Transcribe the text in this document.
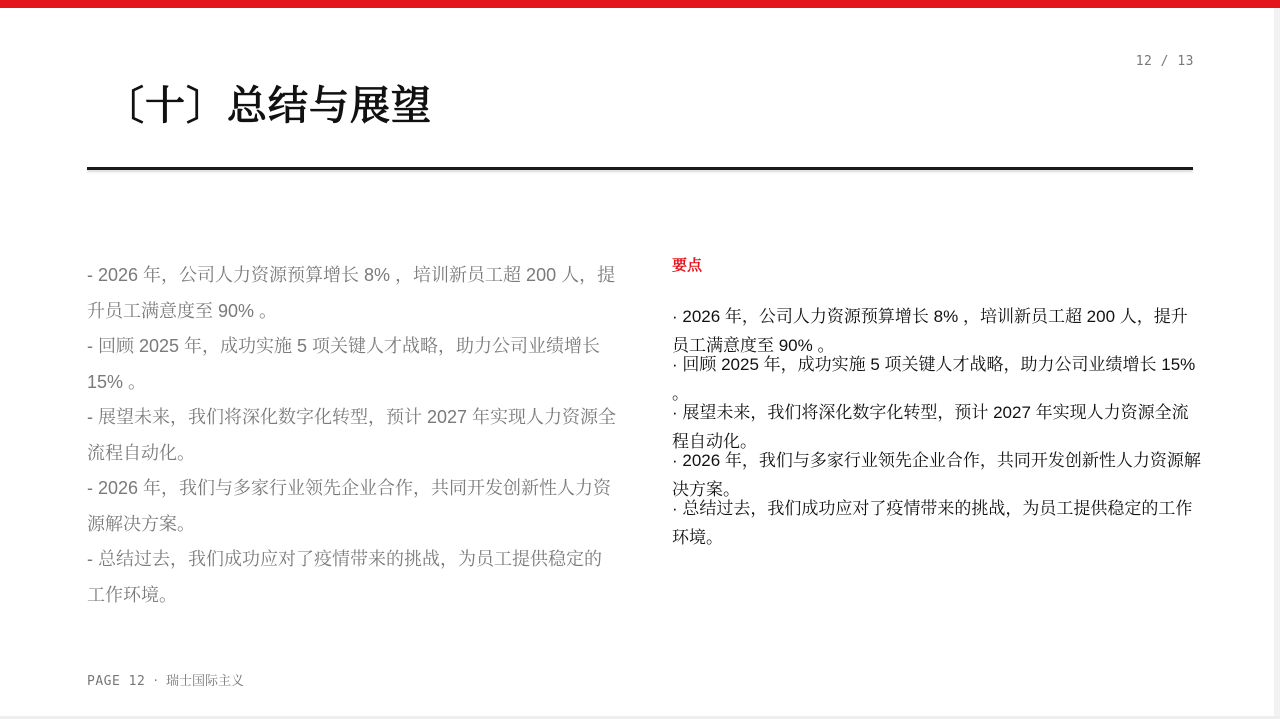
12 / 13
〔十〕总结与展望
- 2026 年，公司人力资源预算增长 8% ，培训新员工超 200 人，提升员工满意度至 90% 。
- 回顾 2025 年，成功实施 5 项关键人才战略，助力公司业绩增长 15% 。
- 展望未来，我们将深化数字化转型，预计 2027 年实现人力资源全流程自动化。
- 2026 年，我们与多家行业领先企业合作，共同开发创新性人力资源解决方案。
- 总结过去，我们成功应对了疫情带来的挑战，为员工提供稳定的工作环境。
要点
· 2026 年，公司人力资源预算增长 8% ，培训新员工超 200 人，提升员工满意度至 90% 。
· 回顾 2025 年，成功实施 5 项关键人才战略，助力公司业绩增长 15% 。
· 展望未来，我们将深化数字化转型，预计 2027 年实现人力资源全流程自动化。
· 2026 年，我们与多家行业领先企业合作，共同开发创新性人力资源解决方案。
· 总结过去，我们成功应对了疫情带来的挑战，为员工提供稳定的工作环境。
PAGE 12 · 瑞士国际主义
